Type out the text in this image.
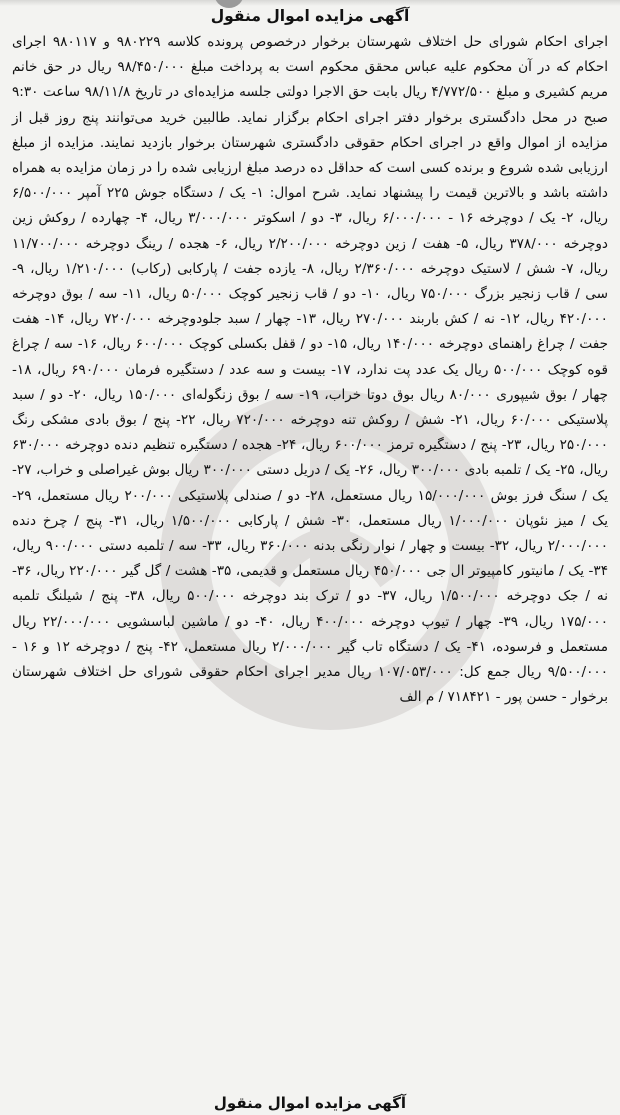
آگهی مزایده اموال منقول

اجرای احکام شورای حل اختلاف شهرستان برخوار درخصوص پرونده کلاسه ۹۸۰۲۲۹ و ۹۸۰۱۱۷ اجرای احکام که در آن محکوم علیه عباس محقق محکوم است به پرداخت مبلغ ۹۸/۴۵۰/۰۰۰ ریال در حق خانم مریم کشیری و مبلغ ۴/۷۷۲/۵۰۰ ریال بابت حق الاجرا دولتی جلسه مزایده‌ای در تاریخ ۹۸/۱۱/۸ ساعت ۹:۳۰ صبح در محل دادگستری برخوار دفتر اجرای احکام برگزار نماید. طالبین خرید می‌توانند پنج روز قبل از مزایده از اموال واقع در اجرای احکام حقوقی دادگستری شهرستان برخوار بازدید نمایند. مزایده از مبلغ ارزیابی شده شروع و برنده کسی است که حداقل ده درصد مبلغ ارزیابی شده را در زمان مزایده به همراه داشته باشد و بالاترین قیمت را پیشنهاد نماید. شرح اموال: ۱- یک / دستگاه جوش ۲۲۵ آمپر ۶/۵۰۰/۰۰۰ ریال، ۲- یک / دوچرخه ۱۶ - ۶/۰۰۰/۰۰۰ ریال، ۳- دو / اسکوتر ۳/۰۰۰/۰۰۰ ریال، ۴- چهارده / روکش زین دوچرخه ۳۷۸/۰۰۰ ریال، ۵- هفت / زین دوچرخه ۲/۲۰۰/۰۰۰ ریال، ۶- هجده / رینگ دوچرخه ۱۱/۷۰۰/۰۰۰ ریال، ۷- شش / لاستیک دوچرخه ۲/۳۶۰/۰۰۰ ریال، ۸- یازده جفت / پارکابی (رکاب) ۱/۲۱۰/۰۰۰ ریال، ۹- سی / قاب زنجیر بزرگ ۷۵۰/۰۰۰ ریال، ۱۰- دو / قاب زنجیر کوچک ۵۰/۰۰۰ ریال، ۱۱- سه / بوق دوچرخه ۴۲۰/۰۰۰ ریال، ۱۲- نه / کش باربند ۲۷۰/۰۰۰ ریال، ۱۳- چهار / سبد جلودوچرخه ۷۲۰/۰۰۰ ریال، ۱۴- هفت جفت / چراغ راهنمای دوچرخه ۱۴۰/۰۰۰ ریال، ۱۵- دو / قفل بکسلی کوچک ۶۰۰/۰۰۰ ریال، ۱۶- سه / چراغ قوه کوچک ۵۰۰/۰۰۰ ریال یک عدد پت ندارد، ۱۷- بیست و سه عدد / دستگیره فرمان ۶۹۰/۰۰۰ ریال، ۱۸- چهار / بوق شیپوری ۸۰/۰۰۰ ریال بوق دوتا خراب، ۱۹- سه / بوق زنگوله‌ای ۱۵۰/۰۰۰ ریال، ۲۰- دو / سبد پلاستیکی ۶۰/۰۰۰ ریال، ۲۱- شش / روکش تنه دوچرخه ۷۲۰/۰۰۰ ریال، ۲۲- پنج / بوق بادی مشکی رنگ ۲۵۰/۰۰۰ ریال، ۲۳- پنج / دستگیره ترمز ۶۰۰/۰۰۰ ریال، ۲۴- هجده / دستگیره تنظیم دنده دوچرخه ۶۳۰/۰۰۰ ریال، ۲۵- یک / تلمبه بادی ۳۰۰/۰۰۰ ریال، ۲۶- یک / دریل دستی ۳۰۰/۰۰۰ ریال بوش غیراصلی و خراب، ۲۷- یک / سنگ فرز بوش ۱۵/۰۰۰/۰۰۰ ریال مستعمل، ۲۸- دو / صندلی پلاستیکی ۲۰۰/۰۰۰ ریال مستعمل، ۲۹- یک / میز نئوپان ۱/۰۰۰/۰۰۰ ریال مستعمل، ۳۰- شش / پارکابی ۱/۵۰۰/۰۰۰ ریال، ۳۱- پنج / چرخ دنده ۲/۰۰۰/۰۰۰ ریال، ۳۲- بیست و چهار / نوار رنگی بدنه ۳۶۰/۰۰۰ ریال، ۳۳- سه / تلمبه دستی ۹۰۰/۰۰۰ ریال، ۳۴- یک / مانیتور کامپیوتر ال جی ۴۵۰/۰۰۰ ریال مستعمل و قدیمی، ۳۵- هشت / گل گیر ۲۲۰/۰۰۰ ریال، ۳۶- نه / جک دوچرخه ۱/۵۰۰/۰۰۰ ریال، ۳۷- دو / ترک بند دوچرخه ۵۰۰/۰۰۰ ریال، ۳۸- پنج / شیلنگ تلمبه ۱۷۵/۰۰۰ ریال، ۳۹- چهار / تیوپ دوچرخه ۴۰۰/۰۰۰ ریال، ۴۰- دو / ماشین لباسشویی ۲۲/۰۰۰/۰۰۰ ریال مستعمل و فرسوده، ۴۱- یک / دستگاه تاب گیر ۲/۰۰۰/۰۰۰ ریال مستعمل، ۴۲- پنج / دوچرخه ۱۲ و ۱۶ - ۹/۵۰۰/۰۰۰ ریال جمع کل: ۱۰۷/۰۵۳/۰۰۰ ریال مدیر اجرای احکام حقوقی شورای حل اختلاف شهرستان برخوار - حسن پور - ۷۱۸۴۲۱ / م الف

آگهی مزایده اموال منقول
